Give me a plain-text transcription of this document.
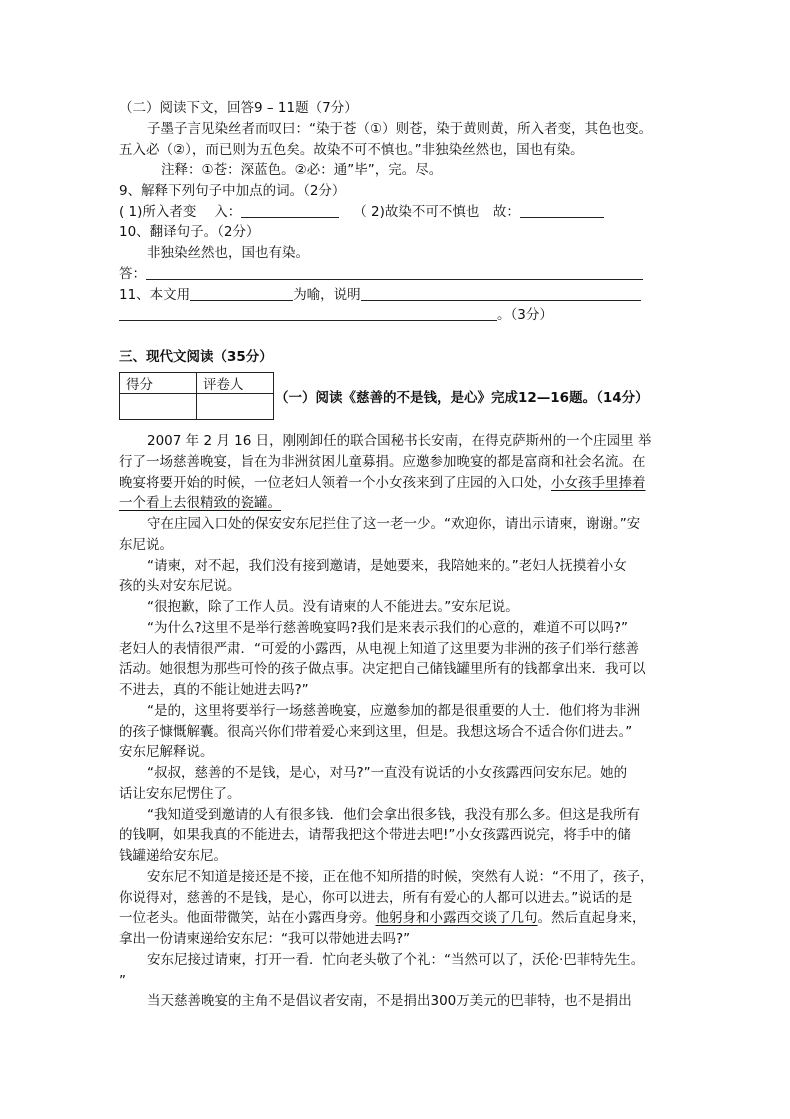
（二）阅读下文，回答9 – 11题（7分）
子墨子言见染丝者而叹曰：“染于苍（①）则苍，染于黄则黄，所入者变，其色也变。
五入必（②），而已则为五色矣。故染不可不慎也。”非独染丝然也，国也有染。
注释：①苍：深蓝色。②必：通”毕”，完。尽。
9、解释下列句子中加点的词。（2分）
( 1)所入者变　 入：	（ 2)故染不可不慎也　故：
10、翻译句子。（2分）
非独染丝然也，国也有染。
答：
11、本文用	为喻，说明
。（3分）
三、现代文阅读（35分）
得分	评卷人

（一）阅读《慈善的不是钱，是心》完成12—16题。（14分）
2007 年 2 月 16 日，刚刚卸任的联合国秘书长安南，在得克萨斯州的一个庄园里 举
行了一场慈善晚宴，旨在为非洲贫困儿童募捐。应邀参加晚宴的都是富商和社会名流。在
晚宴将要开始的时候，一位老妇人领着一个小女孩来到了庄园的入口处，小女孩手里捧着
一个看上去很精致的瓷罐。
守在庄园入口处的保安安东尼拦住了这一老一少。“欢迎你，请出示请柬，谢谢。”安
东尼说。
“请柬，对不起，我们没有接到邀请，是她要来，我陪她来的。”老妇人抚摸着小女
孩的头对安东尼说。
“很抱歉，除了工作人员。没有请柬的人不能进去。”安东尼说。
“为什么?这里不是举行慈善晚宴吗?我们是来表示我们的心意的，难道不可以吗?”
老妇人的表情很严肃．“可爱的小露西，从电视上知道了这里要为非洲的孩子们举行慈善
活动。她很想为那些可怜的孩子做点事。决定把自己储钱罐里所有的钱都拿出来．我可以
不进去，真的不能让她进去吗?”
“是的，这里将要举行一场慈善晚宴，应邀参加的都是很重要的人士．他们将为非洲
的孩子慷慨解囊。很高兴你们带着爱心来到这里，但是。我想这场合不适合你们进去。”
安东尼解释说。
“叔叔，慈善的不是钱，是心，对马?”一直没有说话的小女孩露西问安东尼。她的
话让安东尼愣住了。
“我知道受到邀请的人有很多钱．他们会拿出很多钱，我没有那么多。但这是我所有
的钱啊，如果我真的不能进去，请帮我把这个带进去吧!”小女孩露西说完，将手中的储
钱罐递给安东尼。
安东尼不知道是接还是不接，正在他不知所措的时候，突然有人说：“不用了，孩子，
你说得对，慈善的不是钱，是心，你可以进去，所有有爱心的人都可以进去。”说话的是
一位老头。他面带微笑，站在小露西身旁。他躬身和小露西交谈了几句。然后直起身来，
拿出一份请柬递给安东尼：“我可以带她进去吗?”
安东尼接过请柬，打开一看．忙向老头敬了个礼：“当然可以了，沃伦·巴菲特先生。
”
当天慈善晚宴的主角不是倡议者安南，不是捐出300万美元的巴菲特，也不是捐出
